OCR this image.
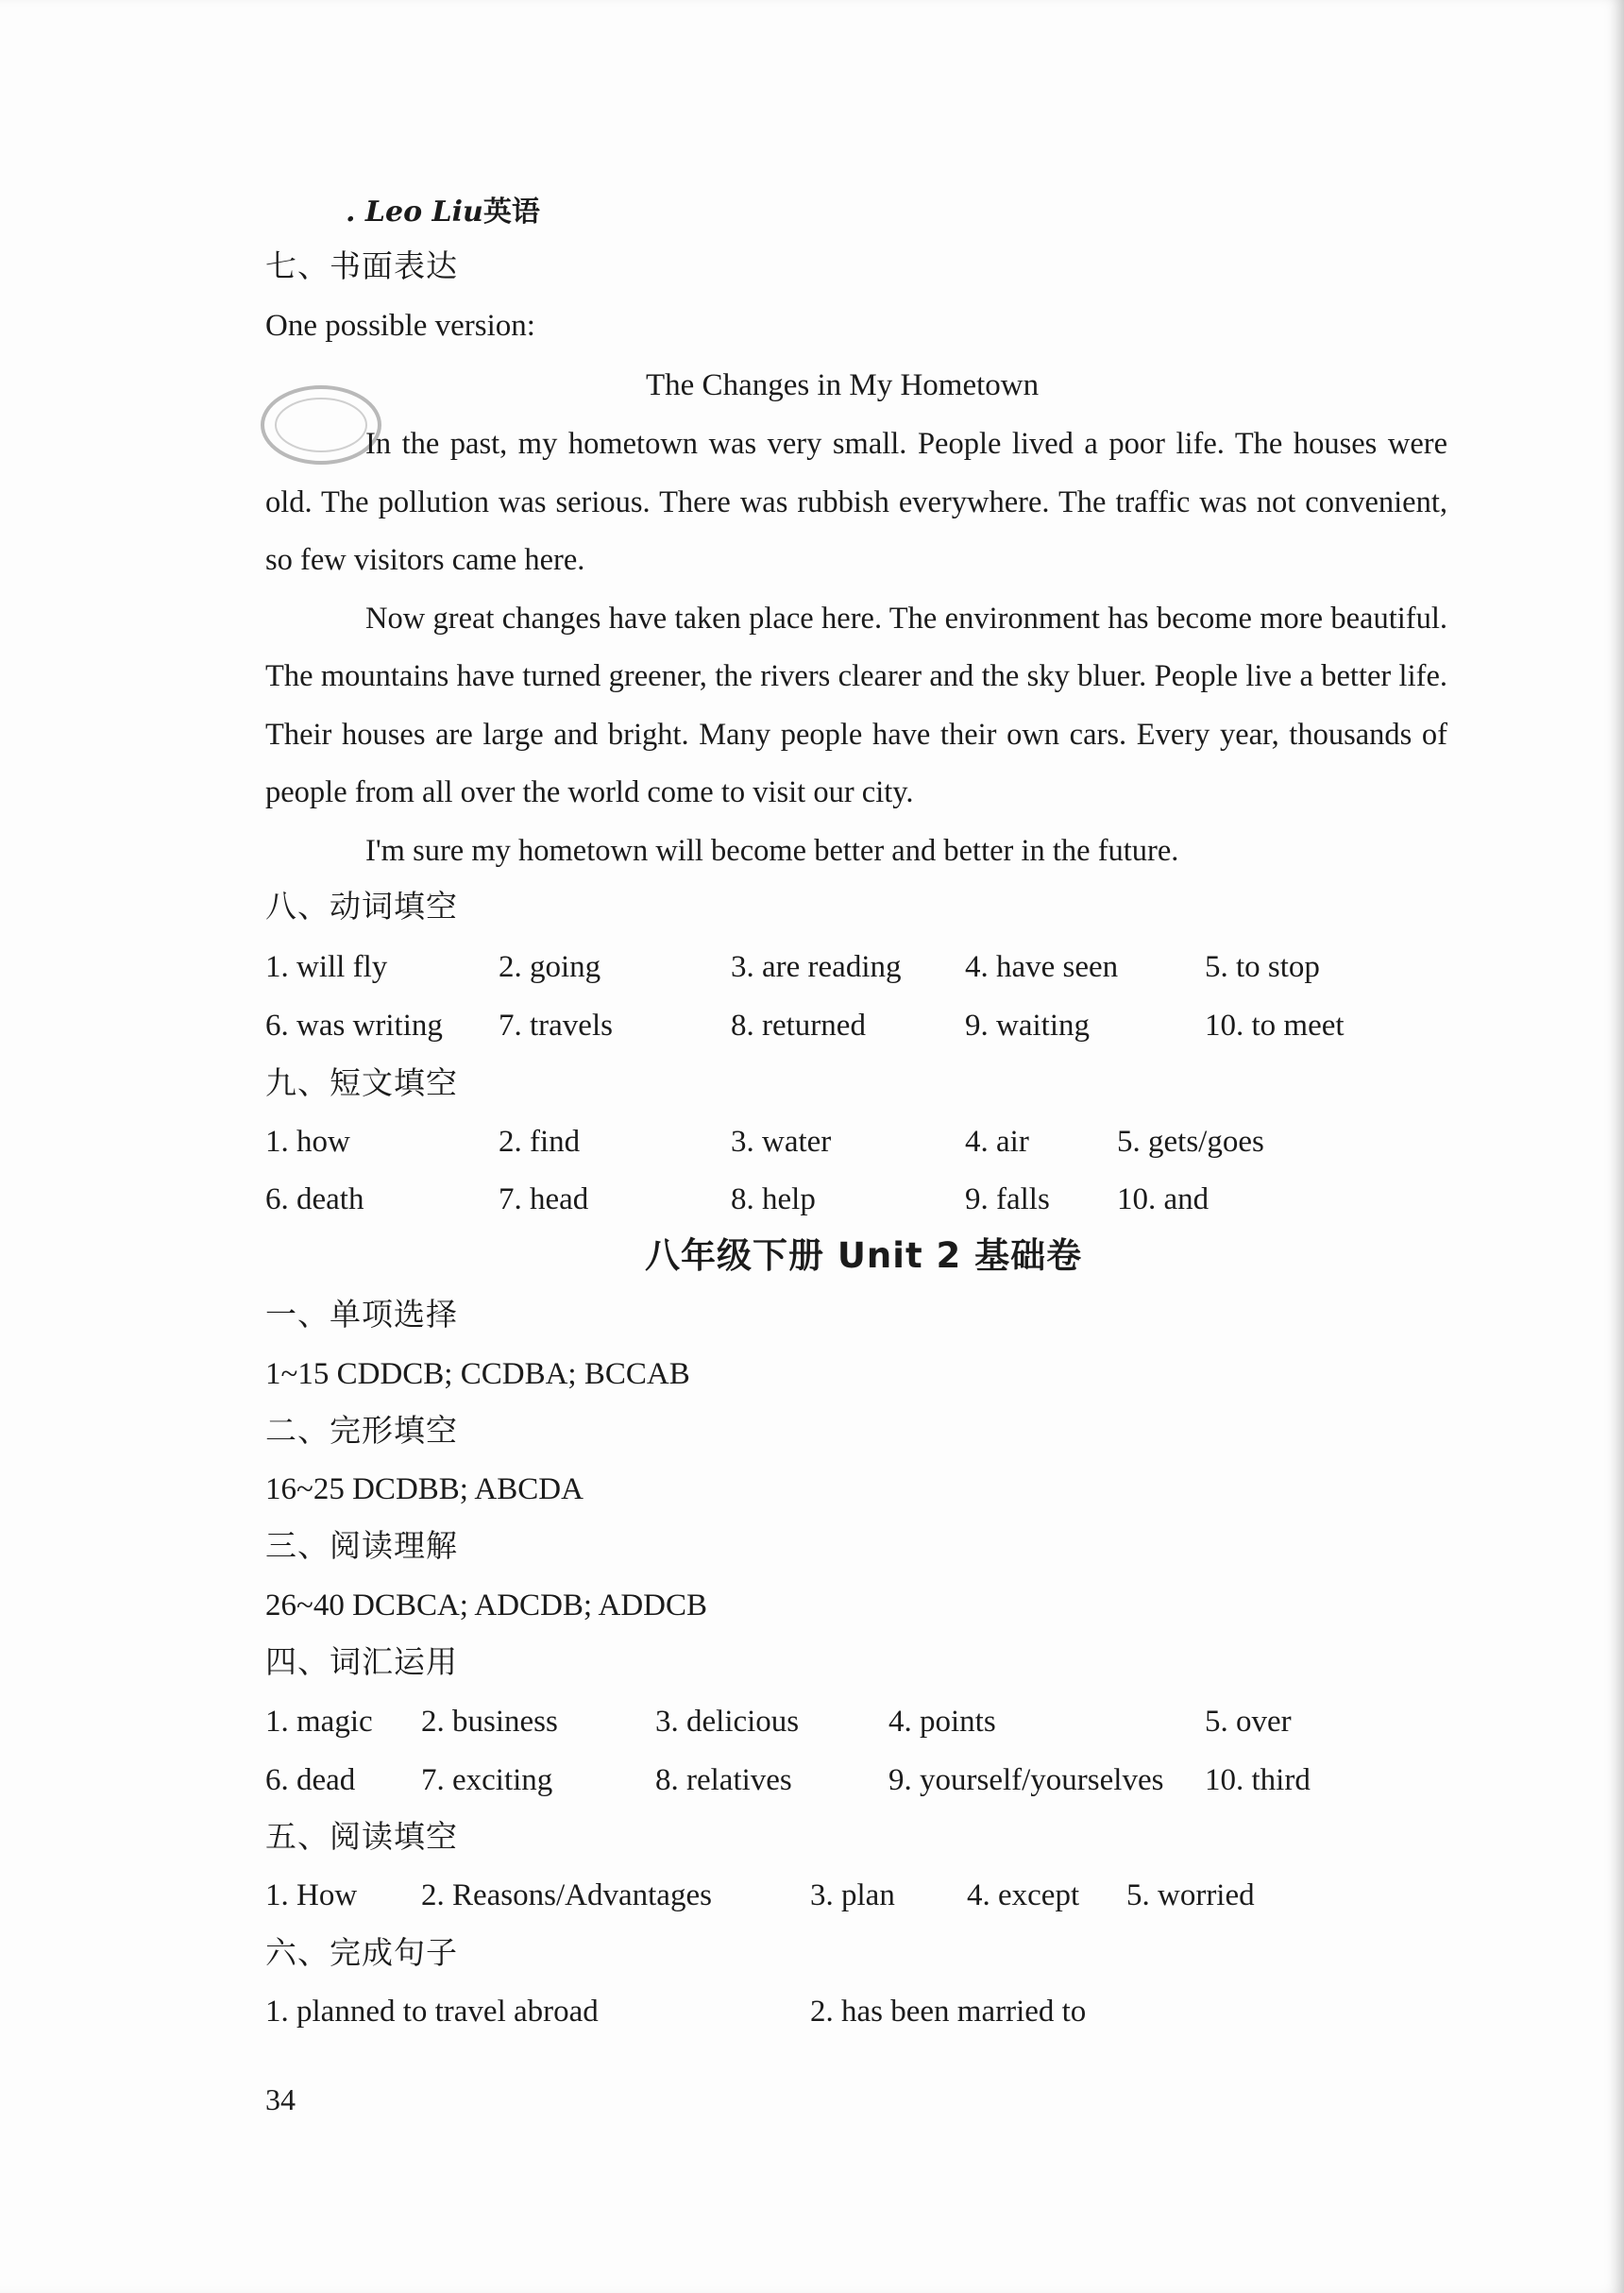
. Leo Liu英语
七、书面表达
One possible version:
The Changes in My Hometown

In the past, my hometown was very small. People lived a poor life. The houses were old. The pollution was serious. There was rubbish everywhere. The traffic was not convenient, so few visitors came here.

Now great changes have taken place here. The environment has become more beautiful. The mountains have turned greener, the rivers clearer and the sky bluer. People live a better life. Their houses are large and bright. Many people have their own cars. Every year, thousands of people from all over the world come to visit our city.

I'm sure my hometown will become better and better in the future.

八、动词填空
1. will fly	2. going	3. are reading 4. have seen	5. to stop
6. was writing 7. travels	8. returned	9. waiting	10. to meet
九、短文填空
1. how	2. find	3. water	4. air	5. gets/goes
6. death	7. head	8. help	9. falls 10. and
八年级下册 Unit 2 基础卷
一、单项选择
1~15 CDDCB; CCDBA; BCCAB
二、完形填空
16~25 DCDBB; ABCDA
三、阅读理解
26~40 DCBCA; ADCDB; ADDCB
四、词汇运用
1. magic 2. business	3. delicious	4. points	5. over
6. dead 7. exciting	8. relatives	9. yourself/yourselves 10. third
五、阅读填空
1. How 2. Reasons/Advantages	3. plan 4. except 5. worried
六、完成句子
1. planned to travel abroad	2. has been married to
34
